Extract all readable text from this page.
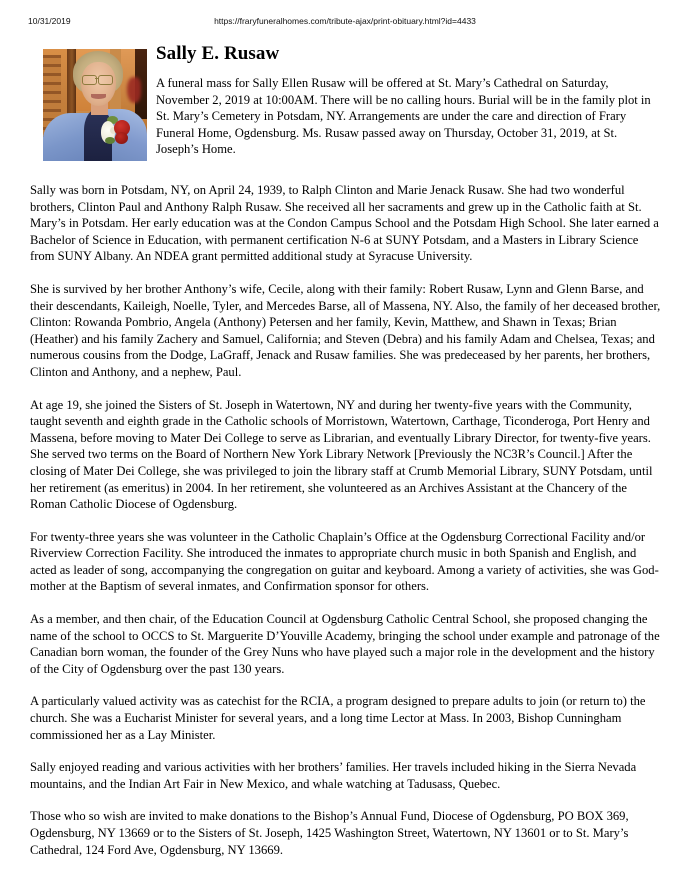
10/31/2019	https://fraryfuneralhomes.com/tribute-ajax/print-obituary.html?id=4433
Sally E. Rusaw

A funeral mass for Sally Ellen Rusaw will be offered at St. Mary’s Cathedral on Saturday, November 2, 2019 at 10:00AM. There will be no calling hours. Burial will be in the family plot in St. Mary’s Cemetery in Potsdam, NY. Arrangements are under the care and direction of Frary Funeral Home, Ogdensburg. Ms. Rusaw passed away on Thursday, October 31, 2019, at St. Joseph’s Home.

Sally was born in Potsdam, NY, on April 24, 1939, to Ralph Clinton and Marie Jenack Rusaw. She had two wonderful brothers, Clinton Paul and Anthony Ralph Rusaw. She received all her sacraments and grew up in the Catholic faith at St. Mary’s in Potsdam. Her early education was at the Condon Campus School and the Potsdam High School. She later earned a Bachelor of Science in Education, with permanent certification N-6 at SUNY Potsdam, and a Masters in Library Science from SUNY Albany. An NDEA grant permitted additional study at Syracuse University.

She is survived by her brother Anthony’s wife, Cecile, along with their family: Robert Rusaw, Lynn and Glenn Barse, and their descendants, Kaileigh, Noelle, Tyler, and Mercedes Barse, all of Massena, NY. Also, the family of her deceased brother, Clinton: Rowanda Pombrio, Angela (Anthony) Petersen and her family, Kevin, Matthew, and Shawn in Texas; Brian (Heather) and his family Zachery and Samuel, California; and Steven (Debra) and his family Adam and Chelsea, Texas; and numerous cousins from the Dodge, LaGraff, Jenack and Rusaw families. She was predeceased by her parents, her brothers, Clinton and Anthony, and a nephew, Paul.

At age 19, she joined the Sisters of St. Joseph in Watertown, NY and during her twenty-five years with the Community, taught seventh and eighth grade in the Catholic schools of Morristown, Watertown, Carthage, Ticonderoga, Port Henry and Massena, before moving to Mater Dei College to serve as Librarian, and eventually Library Director, for twenty-five years. She served two terms on the Board of Northern New York Library Network [Previously the NC3R’s Council.] After the closing of Mater Dei College, she was privileged to join the library staff at Crumb Memorial Library, SUNY Potsdam, until her retirement (as emeritus) in 2004. In her retirement, she volunteered as an Archives Assistant at the Chancery of the Roman Catholic Diocese of Ogdensburg.

For twenty-three years she was volunteer in the Catholic Chaplain’s Office at the Ogdensburg Correctional Facility and/or Riverview Correction Facility. She introduced the inmates to appropriate church music in both Spanish and English, and acted as leader of song, accompanying the congregation on guitar and keyboard. Among a variety of activities, she was God-mother at the Baptism of several inmates, and Confirmation sponsor for others.

As a member, and then chair, of the Education Council at Ogdensburg Catholic Central School, she proposed changing the name of the school to OCCS to St. Marguerite D’Youville Academy, bringing the school under example and patronage of the Canadian born woman, the founder of the Grey Nuns who have played such a major role in the development and the history of the City of Ogdensburg over the past 130 years.

A particularly valued activity was as catechist for the RCIA, a program designed to prepare adults to join (or return to) the church. She was a Eucharist Minister for several years, and a long time Lector at Mass. In 2003, Bishop Cunningham commissioned her as a Lay Minister.

Sally enjoyed reading and various activities with her brothers’ families. Her travels included hiking in the Sierra Nevada mountains, and the Indian Art Fair in New Mexico, and whale watching at Tadusass, Quebec.

Those who so wish are invited to make donations to the Bishop’s Annual Fund, Diocese of Ogdensburg, PO BOX 369, Ogdensburg, NY 13669 or to the Sisters of St. Joseph, 1425 Washington Street, Watertown, NY 13601 or to St. Mary’s Cathedral, 124 Ford Ave, Ogdensburg, NY 13669.
